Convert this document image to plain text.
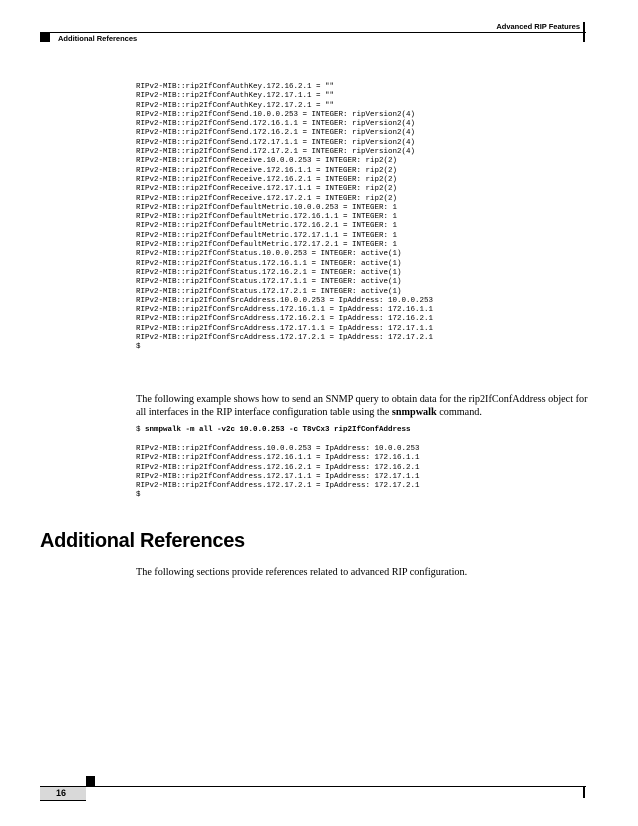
Advanced RIP Features
Additional References
RIPv2-MIB::rip2IfConfAuthKey.172.16.2.1 = ""
RIPv2-MIB::rip2IfConfAuthKey.172.17.1.1 = ""
RIPv2-MIB::rip2IfConfAuthKey.172.17.2.1 = ""
RIPv2-MIB::rip2IfConfSend.10.0.0.253 = INTEGER: ripVersion2(4)
RIPv2-MIB::rip2IfConfSend.172.16.1.1 = INTEGER: ripVersion2(4)
RIPv2-MIB::rip2IfConfSend.172.16.2.1 = INTEGER: ripVersion2(4)
RIPv2-MIB::rip2IfConfSend.172.17.1.1 = INTEGER: ripVersion2(4)
RIPv2-MIB::rip2IfConfSend.172.17.2.1 = INTEGER: ripVersion2(4)
RIPv2-MIB::rip2IfConfReceive.10.0.0.253 = INTEGER: rip2(2)
RIPv2-MIB::rip2IfConfReceive.172.16.1.1 = INTEGER: rip2(2)
RIPv2-MIB::rip2IfConfReceive.172.16.2.1 = INTEGER: rip2(2)
RIPv2-MIB::rip2IfConfReceive.172.17.1.1 = INTEGER: rip2(2)
RIPv2-MIB::rip2IfConfReceive.172.17.2.1 = INTEGER: rip2(2)
RIPv2-MIB::rip2IfConfDefaultMetric.10.0.0.253 = INTEGER: 1
RIPv2-MIB::rip2IfConfDefaultMetric.172.16.1.1 = INTEGER: 1
RIPv2-MIB::rip2IfConfDefaultMetric.172.16.2.1 = INTEGER: 1
RIPv2-MIB::rip2IfConfDefaultMetric.172.17.1.1 = INTEGER: 1
RIPv2-MIB::rip2IfConfDefaultMetric.172.17.2.1 = INTEGER: 1
RIPv2-MIB::rip2IfConfStatus.10.0.0.253 = INTEGER: active(1)
RIPv2-MIB::rip2IfConfStatus.172.16.1.1 = INTEGER: active(1)
RIPv2-MIB::rip2IfConfStatus.172.16.2.1 = INTEGER: active(1)
RIPv2-MIB::rip2IfConfStatus.172.17.1.1 = INTEGER: active(1)
RIPv2-MIB::rip2IfConfStatus.172.17.2.1 = INTEGER: active(1)
RIPv2-MIB::rip2IfConfSrcAddress.10.0.0.253 = IpAddress: 10.0.0.253
RIPv2-MIB::rip2IfConfSrcAddress.172.16.1.1 = IpAddress: 172.16.1.1
RIPv2-MIB::rip2IfConfSrcAddress.172.16.2.1 = IpAddress: 172.16.2.1
RIPv2-MIB::rip2IfConfSrcAddress.172.17.1.1 = IpAddress: 172.17.1.1
RIPv2-MIB::rip2IfConfSrcAddress.172.17.2.1 = IpAddress: 172.17.2.1
$
The following example shows how to send an SNMP query to obtain data for the rip2IfConfAddress object for all interfaces in the RIP interface configuration table using the snmpwalk command.
$ snmpwalk -m all -v2c 10.0.0.253 -c T8vCx3 rip2IfConfAddress
RIPv2-MIB::rip2IfConfAddress.10.0.0.253 = IpAddress: 10.0.0.253
RIPv2-MIB::rip2IfConfAddress.172.16.1.1 = IpAddress: 172.16.1.1
RIPv2-MIB::rip2IfConfAddress.172.16.2.1 = IpAddress: 172.16.2.1
RIPv2-MIB::rip2IfConfAddress.172.17.1.1 = IpAddress: 172.17.1.1
RIPv2-MIB::rip2IfConfAddress.172.17.2.1 = IpAddress: 172.17.2.1
$
Additional References
The following sections provide references related to advanced RIP configuration.
16
